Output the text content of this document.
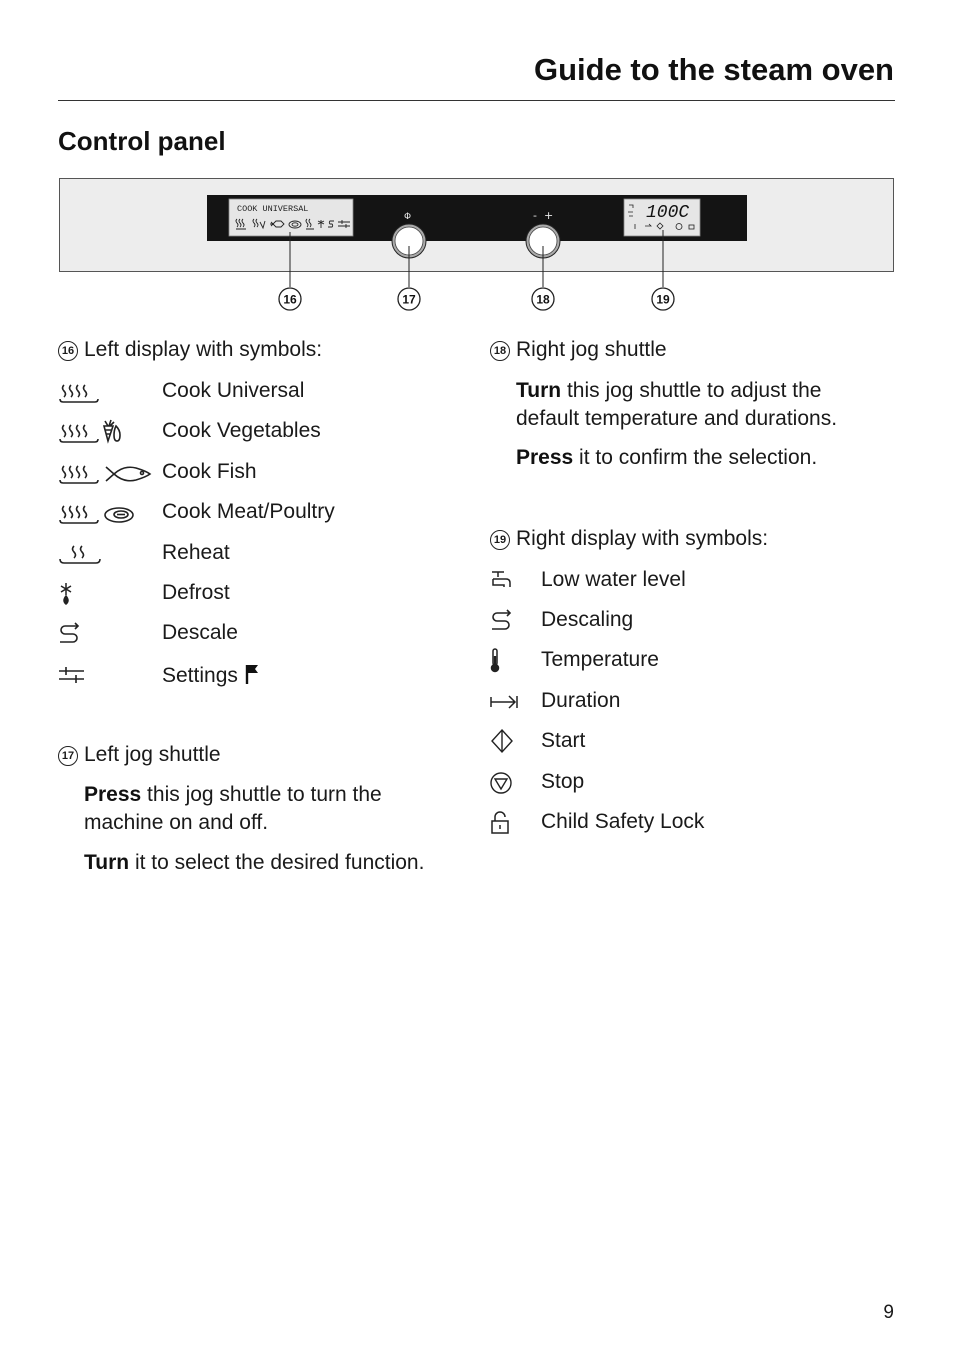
Guide to the steam oven
Control panel
COOK UNIVERSAL	100C
Φ	-  +
16	17	18	19
16 Left display with symbols:
Cook Universal
Cook Vegetables
Cook Fish
Cook Meat/Poultry
Reheat
Defrost
Descale
Settings
17 Left jog shuttle
Press this jog shuttle to turn the
machine on and off.
Turn it to select the desired function.
18 Right jog shuttle
Turn this jog shuttle to adjust the
default temperature and durations.
Press it to confirm the selection.
19 Right display with symbols:
Low water level
Descaling
Temperature
Duration
Start
Stop
Child Safety Lock
9
